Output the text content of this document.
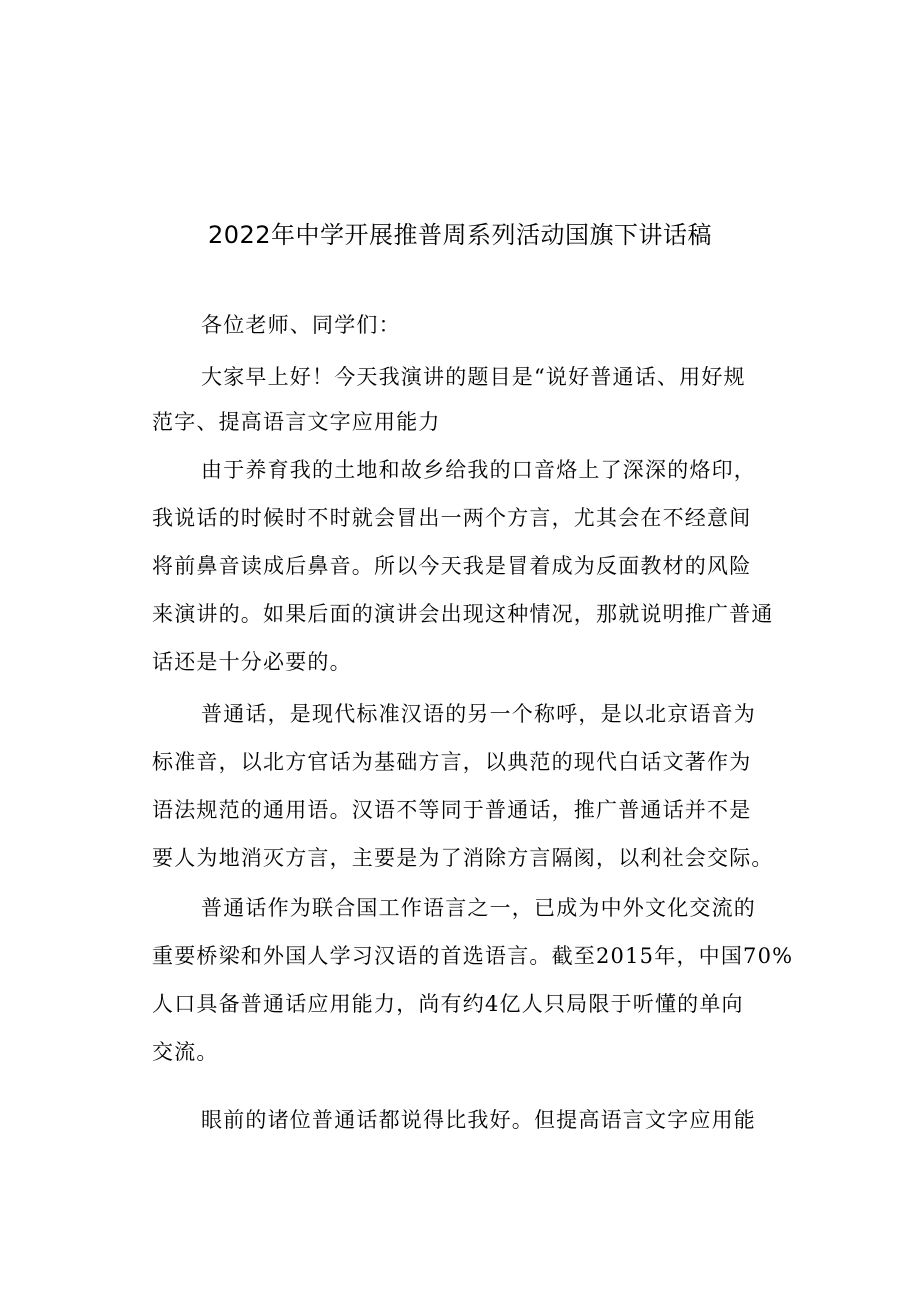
2022年中学开展推普周系列活动国旗下讲话稿
各位老师、同学们：
大家早上好！今天我演讲的题目是“说好普通话、用好规
范字、提高语言文字应用能力
由于养育我的土地和故乡给我的口音烙上了深深的烙印，
我说话的时候时不时就会冒出一两个方言，尤其会在不经意间
将前鼻音读成后鼻音。所以今天我是冒着成为反面教材的风险
来演讲的。如果后面的演讲会出现这种情况，那就说明推广普通
话还是十分必要的。
普通话，是现代标准汉语的另一个称呼，是以北京语音为
标准音，以北方官话为基础方言，以典范的现代白话文著作为
语法规范的通用语。汉语不等同于普通话，推广普通话并不是
要人为地消灭方言，主要是为了消除方言隔阂，以利社会交际。
普通话作为联合国工作语言之一，已成为中外文化交流的
重要桥梁和外国人学习汉语的首选语言。截至2015年，中国70%
人口具备普通话应用能力，尚有约4亿人只局限于听懂的单向
交流。
眼前的诸位普通话都说得比我好。但提高语言文字应用能
